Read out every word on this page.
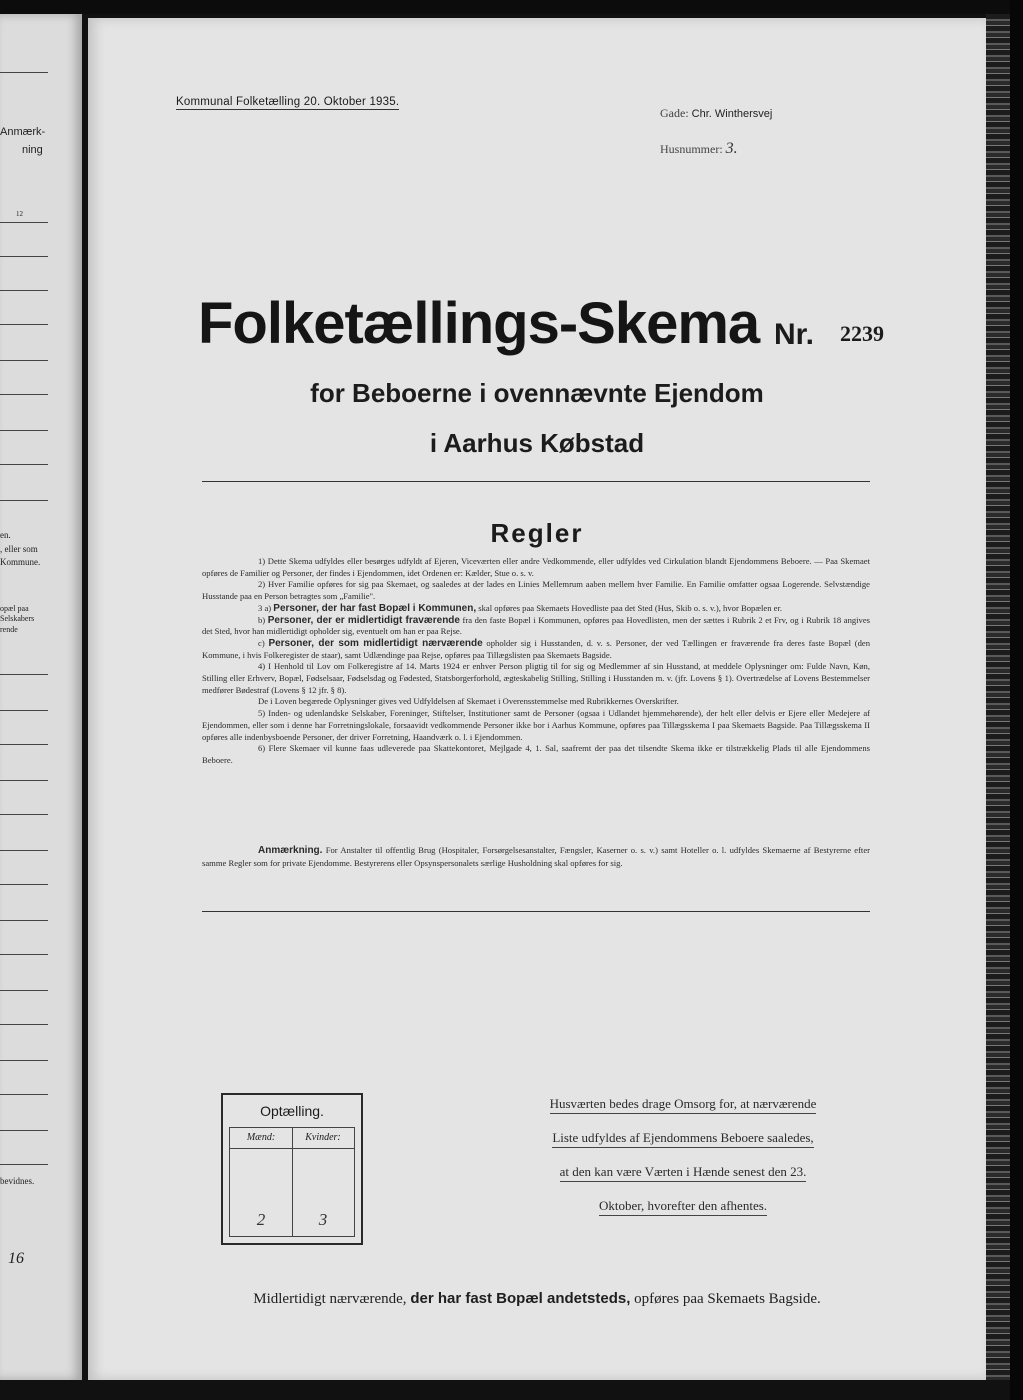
Anmærk-
ning
12
en.
, eller som
Kommune.
opæl paa
Selskabers
rende
bevidnes.
16
Kommunal Folketælling 20. Oktober 1935.
Gade: Chr. Winthersvej
Husnummer: 3.
Folketællings-Skema Nr. 2239
for Beboerne i ovennævnte Ejendom
i Aarhus Købstad
Regler

1) Dette Skema udfyldes eller besørges udfyldt af Ejeren, Viceværten eller andre Vedkommende, eller udfyldes ved Cirkulation blandt Ejendommens Beboere. — Paa Skemaet opføres de Familier og Personer, der findes i Ejendommen, idet Ordenen er: Kælder, Stue o. s. v.

2) Hver Familie opføres for sig paa Skemaet, og saaledes at der lades en Linies Mellemrum aaben mellem hver Familie. En Familie omfatter ogsaa Logerende. Selvstændige Husstande paa en Person betragtes som „Familie".

3 a) Personer, der har fast Bopæl i Kommunen, skal opføres paa Skemaets Hovedliste paa det Sted (Hus, Skib o. s. v.), hvor Bopælen er.

b) Personer, der er midlertidigt fraværende fra den faste Bopæl i Kommunen, opføres paa Hovedlisten, men der sættes i Rubrik 2 et Frv, og i Rubrik 18 angives det Sted, hvor han midlertidigt opholder sig, eventuelt om han er paa Rejse.

c) Personer, der som midlertidigt nærværende opholder sig i Husstanden, d. v. s. Personer, der ved Tællingen er fraværende fra deres faste Bopæl (den Kommune, i hvis Folkeregister de staar), samt Udlændinge paa Rejse, opføres paa Tillægslisten paa Skemaets Bagside.

4) I Henhold til Lov om Folkeregistre af 14. Marts 1924 er enhver Person pligtig til for sig og Medlemmer af sin Husstand, at meddele Oplysninger om: Fulde Navn, Køn, Stilling eller Erhverv, Bopæl, Fødselsaar, Fødselsdag og Fødested, Statsborgerforhold, ægteskabelig Stilling, Stilling i Husstanden m. v. (jfr. Lovens § 1). Overtrædelse af Lovens Bestemmelser medfører Bødestraf (Lovens § 12 jfr. § 8).

De i Loven begærede Oplysninger gives ved Udfyldelsen af Skemaet i Overensstemmelse med Rubrikkernes Overskrifter.

5) Inden- og udenlandske Selskaber, Foreninger, Stiftelser, Institutioner samt de Personer (ogsaa i Udlandet hjemmehørende), der helt eller delvis er Ejere eller Medejere af Ejendommen, eller som i denne har Forretningslokale, forsaavidt vedkommende Personer ikke bor i Aarhus Kommune, opføres paa Tillægsskema I paa Skemaets Bagside. Paa Tillægsskema II opføres alle indenbysboende Personer, der driver Forretning, Haandværk o. l. i Ejendommen.

6) Flere Skemaer vil kunne faas udleverede paa Skattekontoret, Mejlgade 4, 1. Sal, saafremt der paa det tilsendte Skema ikke er tilstrækkelig Plads til alle Ejendommens Beboere.

Anmærkning. For Anstalter til offentlig Brug (Hospitaler, Forsørgelsesanstalter, Fængsler, Kaserner o. s. v.) samt Hoteller o. l. udfyldes Skemaerne af Bestyrerne efter samme Regler som for private Ejendomme. Bestyrerens eller Opsynspersonalets særlige Husholdning skal opføres for sig.
Optælling.
Mænd:	Kvinder:
2	3
Husværten bedes drage Omsorg for, at nærværende
Liste udfyldes af Ejendommens Beboere saaledes,
at den kan være Værten i Hænde senest den 23.
Oktober, hvorefter den afhentes.
Midlertidigt nærværende, der har fast Bopæl andetsteds, opføres paa Skemaets Bagside.
